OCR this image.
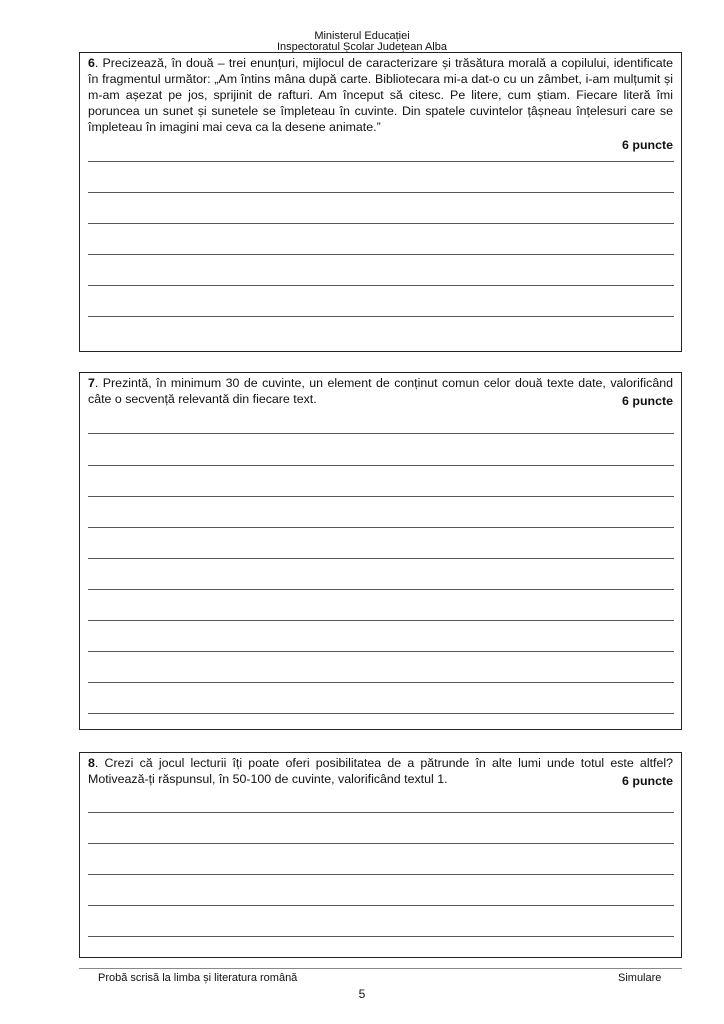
Ministerul Educației
Inspectoratul Școlar Județean Alba
6. Precizează, în două – trei enunțuri, mijlocul de caracterizare și trăsătura morală a copilului, identificate în fragmentul următor: „Am întins mâna după carte. Bibliotecara mi-a dat-o cu un zâmbet, i-am mulțumit și m-am așezat pe jos, sprijinit de rafturi. Am început să citesc. Pe litere, cum știam. Fiecare literă îmi poruncea un sunet și sunetele se împleteau în cuvinte. Din spatele cuvintelor țâșneau înțelesuri care se împleteau în imagini mai ceva ca la desene animate.”
6 puncte
7. Prezintă, în minimum 30 de cuvinte, un element de conținut comun celor două texte date, valorificând câte o secvență relevantă din fiecare text.	6 puncte
8. Crezi că jocul lecturii îți poate oferi posibilitatea de a pătrunde în alte lumi unde totul este altfel? Motivează-ți răspunsul, în 50-100 de cuvinte, valorificând textul 1.	6 puncte
Probă scrisă la limba și literatura română	Simulare
5
